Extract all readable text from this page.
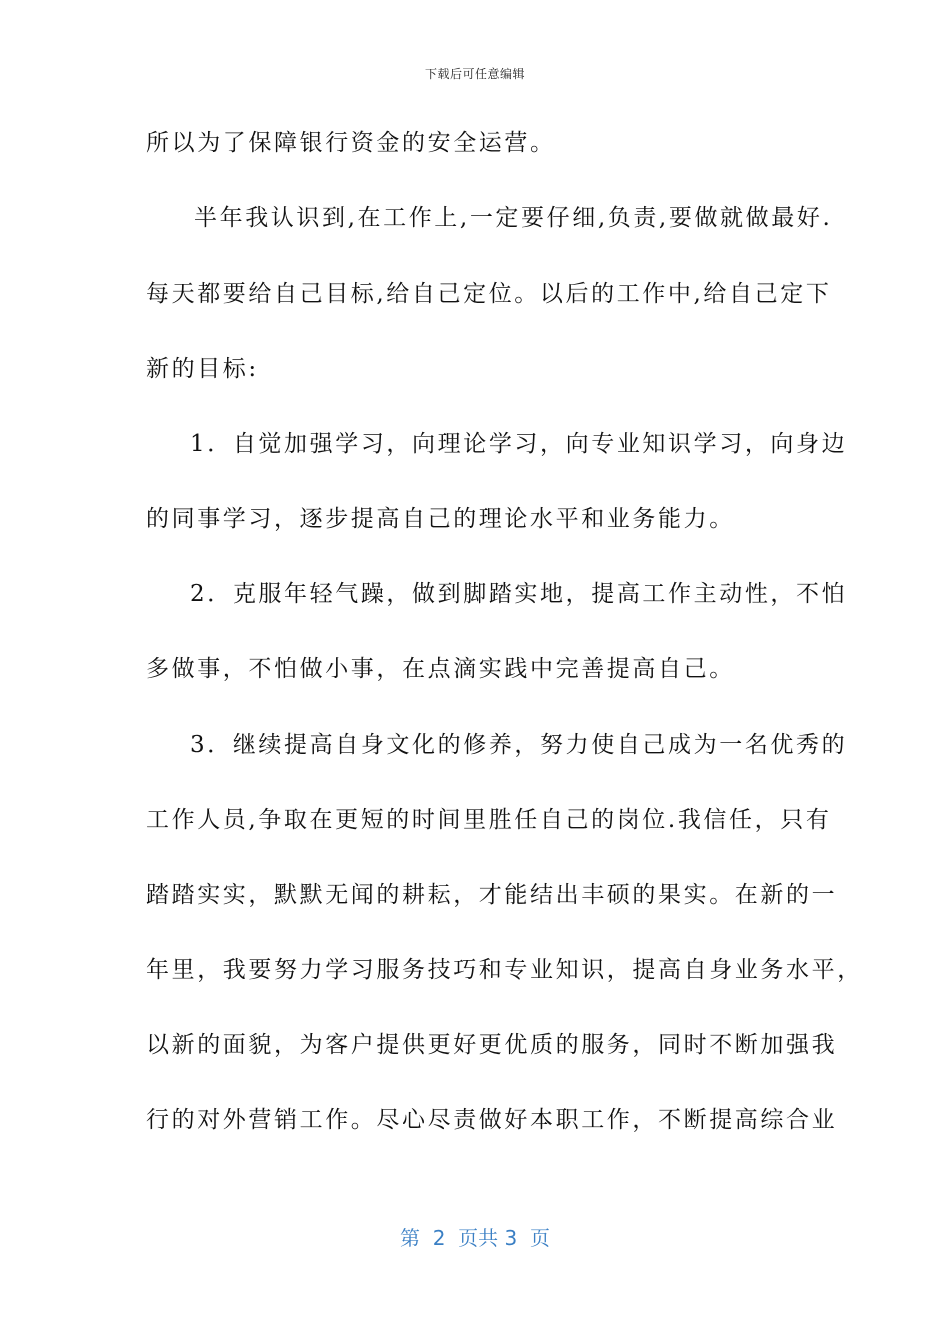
下载后可任意编辑
所以为了保障银行资金的安全运营。
半年我认识到,在工作上,一定要仔细,负责,要做就做最好.
每天都要给自己目标,给自己定位。以后的工作中,给自己定下
新的目标:
1．自觉加强学习，向理论学习，向专业知识学习，向身边
的同事学习，逐步提高自己的理论水平和业务能力。
2．克服年轻气躁，做到脚踏实地，提高工作主动性，不怕
多做事，不怕做小事，在点滴实践中完善提高自己。
3．继续提高自身文化的修养，努力使自己成为一名优秀的
工作人员,争取在更短的时间里胜任自己的岗位.我信任，只有
踏踏实实，默默无闻的耕耘，才能结出丰硕的果实。在新的一
年里，我要努力学习服务技巧和专业知识，提高自身业务水平，
以新的面貌，为客户提供更好更优质的服务，同时不断加强我
行的对外营销工作。尽心尽责做好本职工作，不断提高综合业
第  2  页共 3  页
